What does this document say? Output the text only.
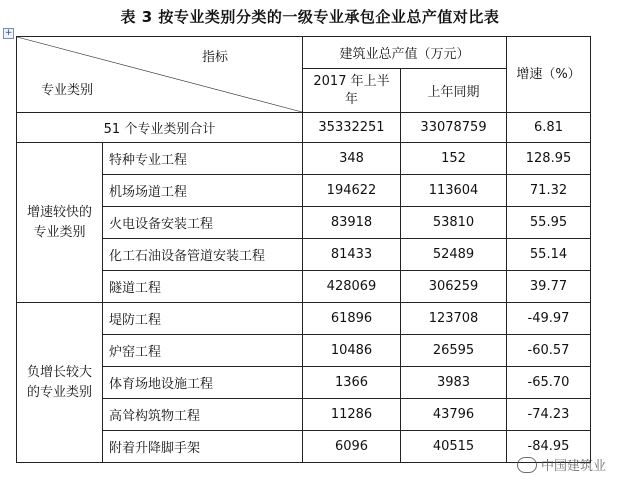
表 3 按专业类别分类的一级专业承包企业总产值对比表
+
指标
专业类别		建筑业总产值（万元）		增速（%）
		2017 年上半年	上年同期	
51 个专业类别合计		35332251	33078759	6.81
增速较快的专业类别	特种专业工程	348	152	128.95
	机场场道工程	194622	113604	71.32
	火电设备安装工程	83918	53810	55.95
	化工石油设备管道安装工程	81433	52489	55.14
	隧道工程	428069	306259	39.77
负增长较大的专业类别	堤防工程	61896	123708	-49.97
	炉窑工程	10486	26595	-60.57
	体育场地设施工程	1366	3983	-65.70
	高耸构筑物工程	11286	43796	-74.23
	附着升降脚手架	6096	40515	-84.95
中国建筑业
